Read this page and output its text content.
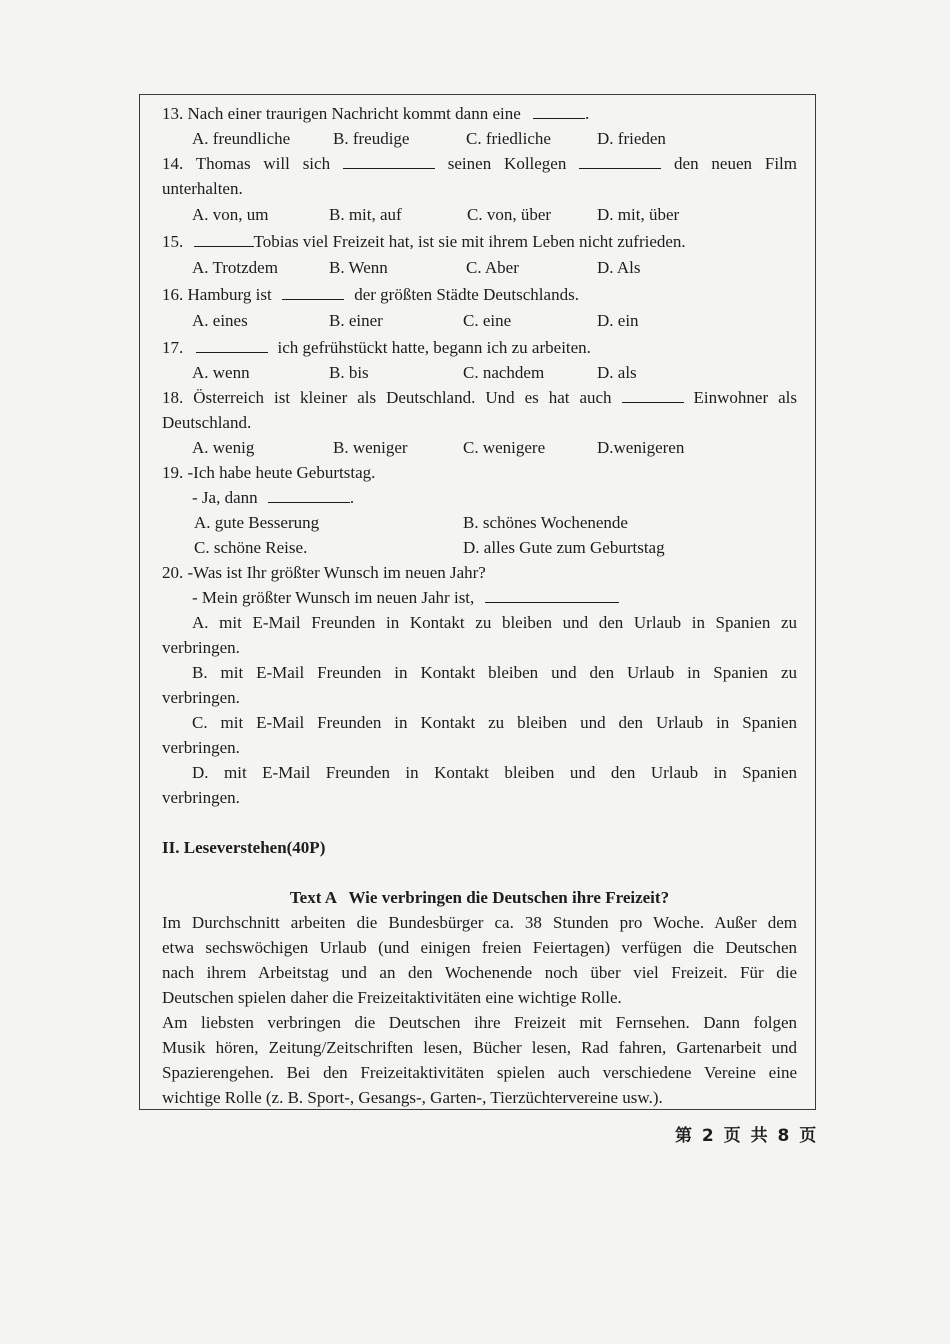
13. Nach einer traurigen Nachricht kommt dann eine	.
A. freundliche	B. freudige	C. friedliche	D. frieden
14. Thomas will sich	seinen Kollegen	den neuen Film
unterhalten.
A. von, um	B. mit, auf	C. von, über	D. mit, über
15.	Tobias viel Freizeit hat, ist sie mit ihrem Leben nicht zufrieden.
A. Trotzdem	B. Wenn	C. Aber	D. Als
16. Hamburg ist	der größten Städte Deutschlands.
A. eines	B. einer	C. eine	D. ein
17.	ich gefrühstückt hatte, begann ich zu arbeiten.
A. wenn	B. bis	C. nachdem	D. als
18. Österreich ist kleiner als Deutschland. Und es hat auch	Einwohner als
Deutschland.
A. wenig	B. weniger	C. wenigere	D.wenigeren
19. -Ich habe heute Geburtstag.
- Ja, dann	.
A. gute Besserung	B. schönes Wochenende
C. schöne Reise.	D. alles Gute zum Geburtstag
20. -Was ist Ihr größter Wunsch im neuen Jahr?
- Mein größter Wunsch im neuen Jahr ist,
A. mit E-Mail Freunden in Kontakt zu bleiben und den Urlaub in Spanien zu
verbringen.
B. mit E-Mail Freunden in Kontakt bleiben und den Urlaub in Spanien zu
verbringen.
C. mit E-Mail Freunden in Kontakt zu bleiben und den Urlaub in Spanien
verbringen.
D. mit E-Mail Freunden in Kontakt bleiben und den Urlaub in Spanien
verbringen.
II. Leseverstehen(40P)
Text A   Wie verbringen die Deutschen ihre Freizeit?
Im Durchschnitt arbeiten die Bundesbürger ca. 38 Stunden pro Woche. Außer dem
etwa sechswöchigen Urlaub (und einigen freien Feiertagen) verfügen die Deutschen
nach ihrem Arbeitstag und an den Wochenende noch über viel Freizeit. Für die
Deutschen spielen daher die Freizeitaktivitäten eine wichtige Rolle.
Am liebsten verbringen die Deutschen ihre Freizeit mit Fernsehen. Dann folgen
Musik hören, Zeitung/Zeitschriften lesen, Bücher lesen, Rad fahren, Gartenarbeit und
Spazierengehen. Bei den Freizeitaktivitäten spielen auch verschiedene Vereine eine
wichtige Rolle (z. B. Sport-, Gesangs-, Garten-, Tierzüchtervereine usw.).
第 2 页 共 8 页
